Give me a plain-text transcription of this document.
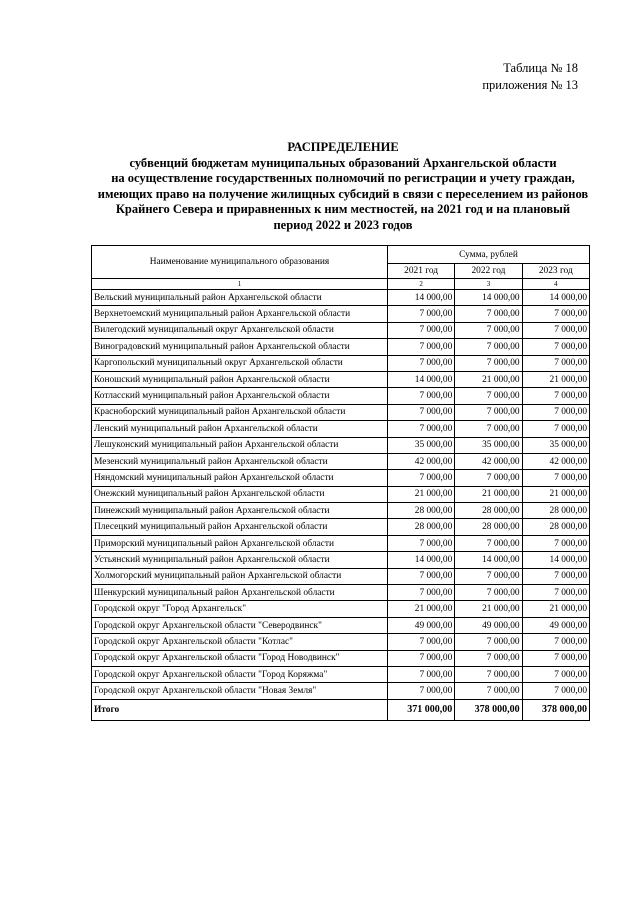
Таблица № 18
приложения № 13
РАСПРЕДЕЛЕНИЕ
субвенций бюджетам муниципальных образований Архангельской области
на осуществление государственных полномочий по регистрации и учету граждан,
имеющих право на получение жилищных субсидий в связи с переселением из районов
Крайнего Севера и приравненных к ним местностей, на 2021 год и на плановый
период 2022 и 2023 годов
Наименование муниципального образования	Сумма, рублей		
	2021 год	2022 год	2023 год
1	2	3	4
Вельский муниципальный район Архангельской области	14 000,00	14 000,00	14 000,00
Верхнетоемский муниципальный район Архангельской области	7 000,00	7 000,00	7 000,00
Вилегодский муниципальный округ Архангельской области	7 000,00	7 000,00	7 000,00
Виноградовский муниципальный район Архангельской области	7 000,00	7 000,00	7 000,00
Каргопольский муниципальный округ Архангельской области	7 000,00	7 000,00	7 000,00
Коношский муниципальный район Архангельской области	14 000,00	21 000,00	21 000,00
Котласский муниципальный район Архангельской области	7 000,00	7 000,00	7 000,00
Красноборский муниципальный район Архангельской области	7 000,00	7 000,00	7 000,00
Ленский муниципальный район Архангельской области	7 000,00	7 000,00	7 000,00
Лешуконский муниципальный район Архангельской области	35 000,00	35 000,00	35 000,00
Мезенский муниципальный район Архангельской области	42 000,00	42 000,00	42 000,00
Няндомский муниципальный район Архангельской области	7 000,00	7 000,00	7 000,00
Онежский муниципальный район Архангельской области	21 000,00	21 000,00	21 000,00
Пинежский муниципальный район Архангельской области	28 000,00	28 000,00	28 000,00
Плесецкий муниципальный район Архангельской области	28 000,00	28 000,00	28 000,00
Приморский муниципальный район Архангельской области	7 000,00	7 000,00	7 000,00
Устьянский муниципальный район Архангельской области	14 000,00	14 000,00	14 000,00
Холмогорский муниципальный район Архангельской области	7 000,00	7 000,00	7 000,00
Шенкурский муниципальный район Архангельской области	7 000,00	7 000,00	7 000,00
Городской округ "Город Архангельск"	21 000,00	21 000,00	21 000,00
Городской округ Архангельской области "Северодвинск"	49 000,00	49 000,00	49 000,00
Городской округ Архангельской области "Котлас"	7 000,00	7 000,00	7 000,00
Городской округ Архангельской области "Город Новодвинск"	7 000,00	7 000,00	7 000,00
Городской округ Архангельской области "Город Коряжма"	7 000,00	7 000,00	7 000,00
Городской округ Архангельской области "Новая Земля"	7 000,00	7 000,00	7 000,00
Итого	371 000,00	378 000,00	378 000,00
